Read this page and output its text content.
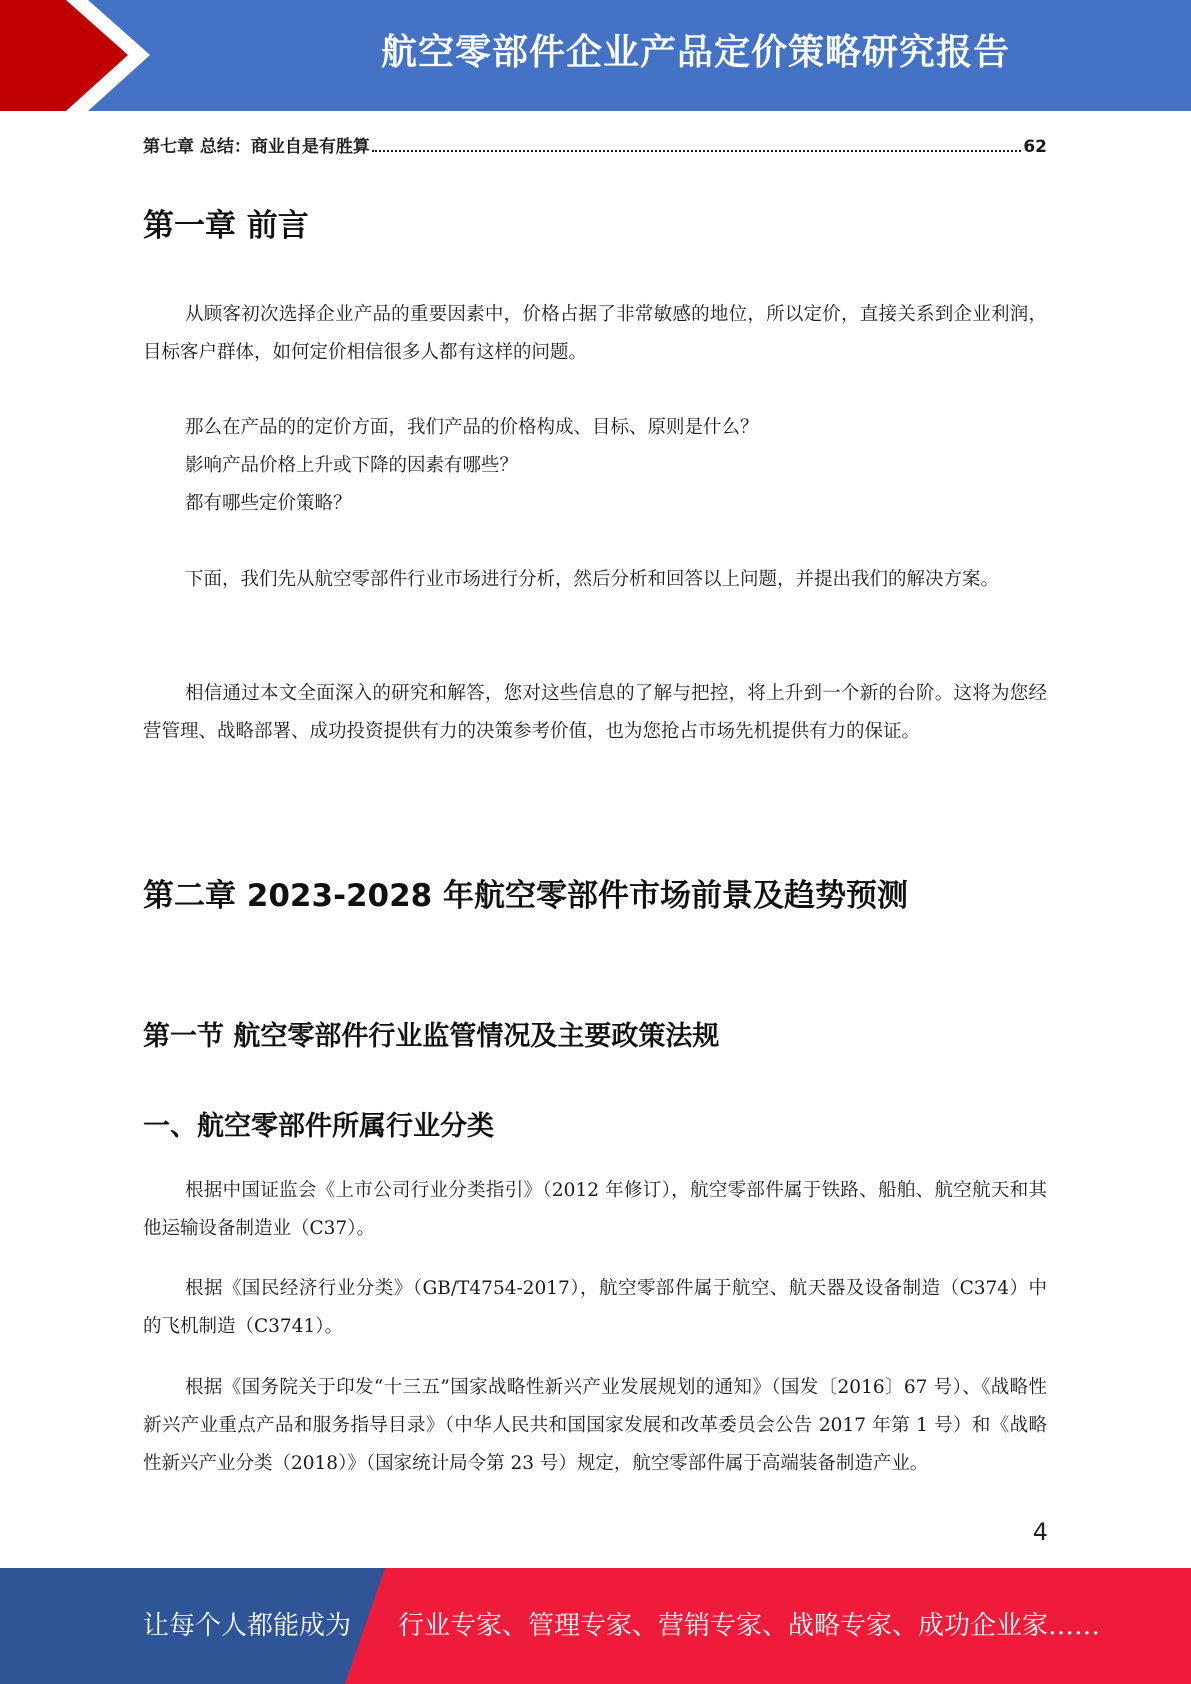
航空零部件企业产品定价策略研究报告
第七章 总结：商业自是有胜算	62
第一章 前言

从顾客初次选择企业产品的重要因素中，价格占据了非常敏感的地位，所以定价，直接关系到企业利润，目标客户群体，如何定价相信很多人都有这样的问题。

那么在产品的的定价方面，我们产品的价格构成、目标、原则是什么？
影响产品价格上升或下降的因素有哪些？
都有哪些定价策略？

下面，我们先从航空零部件行业市场进行分析，然后分析和回答以上问题，并提出我们的解决方案。

相信通过本文全面深入的研究和解答，您对这些信息的了解与把控，将上升到一个新的台阶。这将为您经营管理、战略部署、成功投资提供有力的决策参考价值，也为您抢占市场先机提供有力的保证。

第二章 2023-2028 年航空零部件市场前景及趋势预测
第一节 航空零部件行业监管情况及主要政策法规
一、航空零部件所属行业分类

根据中国证监会《上市公司行业分类指引》（2012 年修订），航空零部件属于铁路、船舶、航空航天和其他运输设备制造业（C37）。

根据《国民经济行业分类》（GB/T4754-2017），航空零部件属于航空、航天器及设备制造（C374）中的飞机制造（C3741）。

根据《国务院关于印发“十三五”国家战略性新兴产业发展规划的通知》（国发〔2016〕67 号）、《战略性新兴产业重点产品和服务指导目录》（中华人民共和国国家发展和改革委员会公告 2017 年第 1 号）和《战略性新兴产业分类（2018）》（国家统计局令第 23 号）规定，航空零部件属于高端装备制造产业。

4
让每个人都能成为 行业专家、管理专家、营销专家、战略专家、成功企业家……
